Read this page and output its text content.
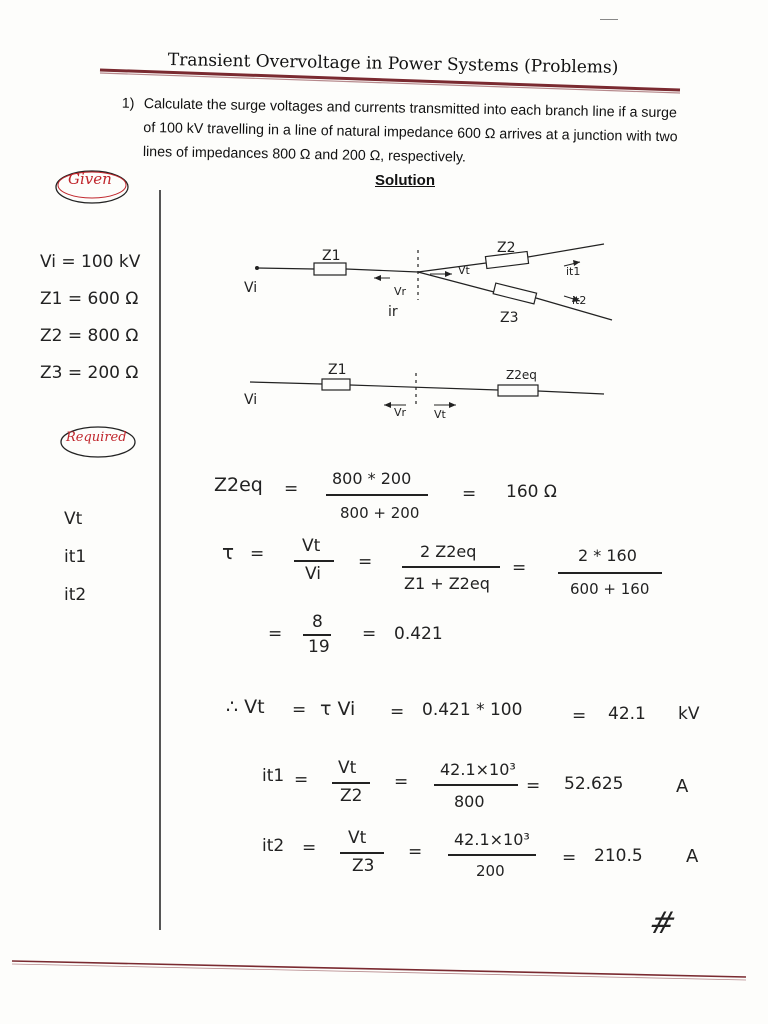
Transient Overvoltage in Power Systems (Problems)
1) Calculate the surge voltages and currents transmitted into each branch line if a surge of 100 kV travelling in a line of natural impedance 600 Ω arrives at a junction with two lines of impedances 800 Ω and 200 Ω, respectively.
Solution
Given
Vi = 100 kV
Z1 = 600 Ω
Z2 = 800 Ω
Z3 = 200 Ω
Required
Vt
it1
it2
Z1	Z2
Z3
Vi
Vt
ir
Vr
it1
it2
Z1	Z2eq
Vi
Vr	Vt
Z2eq =
800 * 200
800 + 200
= 160 Ω
τ = Vt
Vi
=
2 Z2eq
Z1 + Z2eq
=
2 * 160
600 + 160
=
8
19
= 0.421
∴ Vt = τ Vi = 0.421 * 100	= 42.1 kV
it1 =
Vt
Z2
=
42.1×10³
800
= 52.625	A
it2 = Vt
Z3
=
42.1×10³
200
= 210.5 A
#
